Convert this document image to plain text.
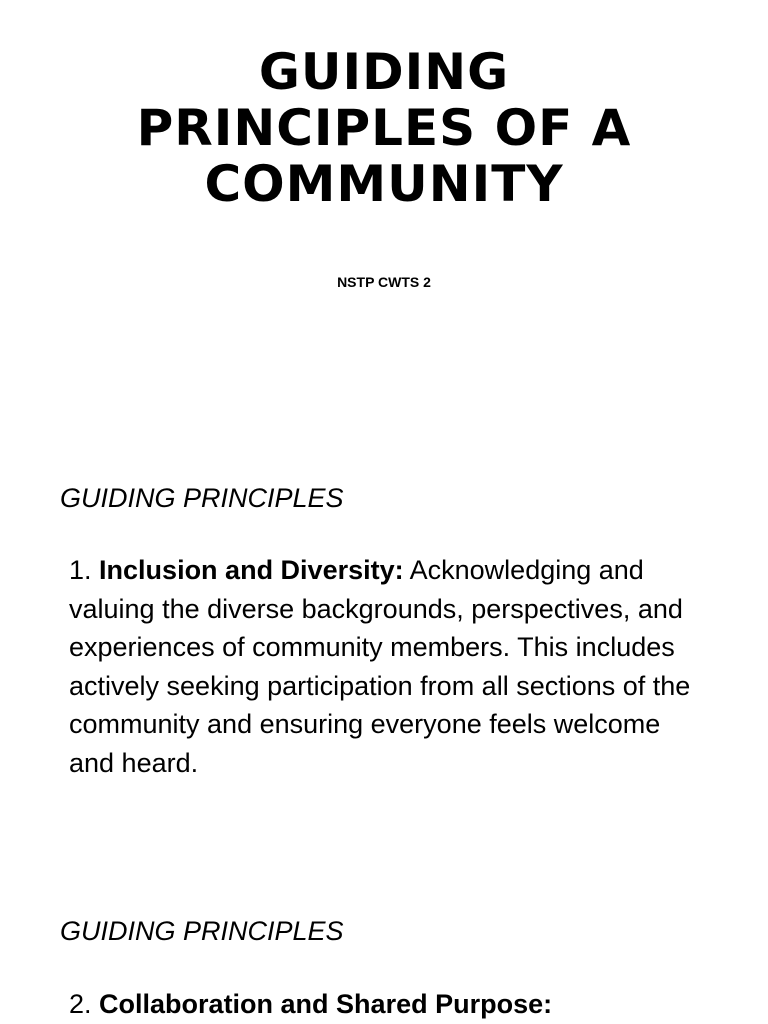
GUIDING
PRINCIPLES OF A
COMMUNITY
NSTP CWTS 2
GUIDING PRINCIPLES

1. Inclusion and Diversity: Acknowledging and valuing the diverse backgrounds, perspectives, and experiences of community members. This includes actively seeking participation from all sections of the community and ensuring everyone feels welcome and heard.

GUIDING PRINCIPLES

2. Collaboration and Shared Purpose:
